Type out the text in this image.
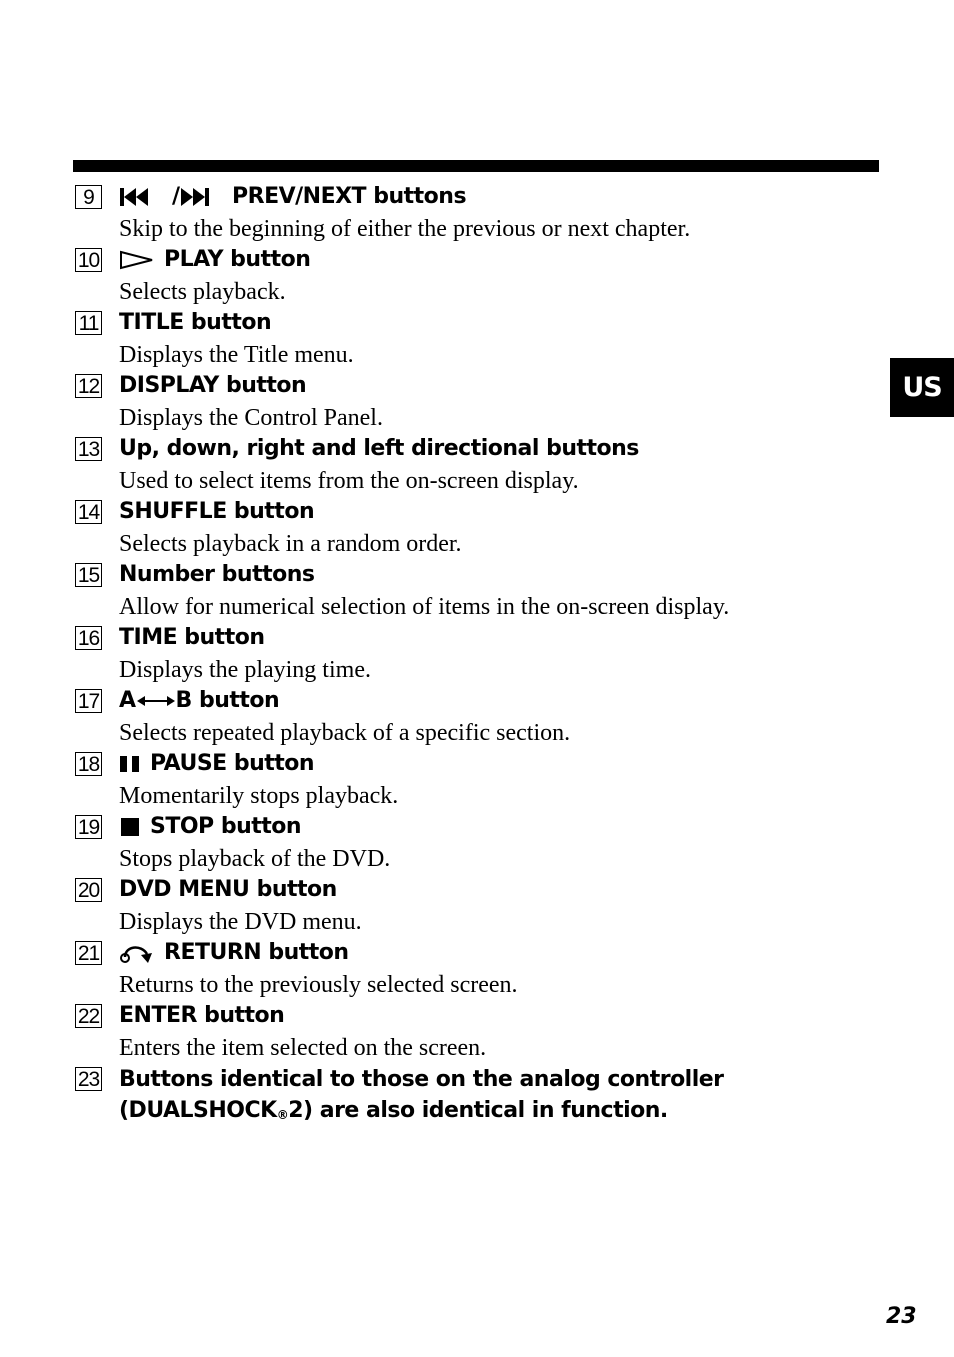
US
9	PREV/NEXT buttons
Skip to the beginning of either the previous or next chapter.
/
10	PLAY button
Selects playback.
11 TITLE button
Displays the Title menu.
12 DISPLAY button
Displays the Control Panel.
13 Up, down, right and left directional buttons
Used to select items from the on-screen display.
14 SHUFFLE button
Selects playback in a random order.
15 Number buttons
Allow for numerical selection of items in the on-screen display.
16 TIME button
Displays the playing time.
17 A B button
Selects repeated playback of a specific section.
18 PAUSE button
Momentarily stops playback.
19 STOP button
Stops playback of the DVD.
20 DVD MENU button
Displays the DVD menu.
21	RETURN button
Returns to the previously selected screen.
22 ENTER button
Enters the item selected on the screen.
23 Buttons identical to those on the analog controller
(DUALSHOCK®2) are also identical in function.
23
